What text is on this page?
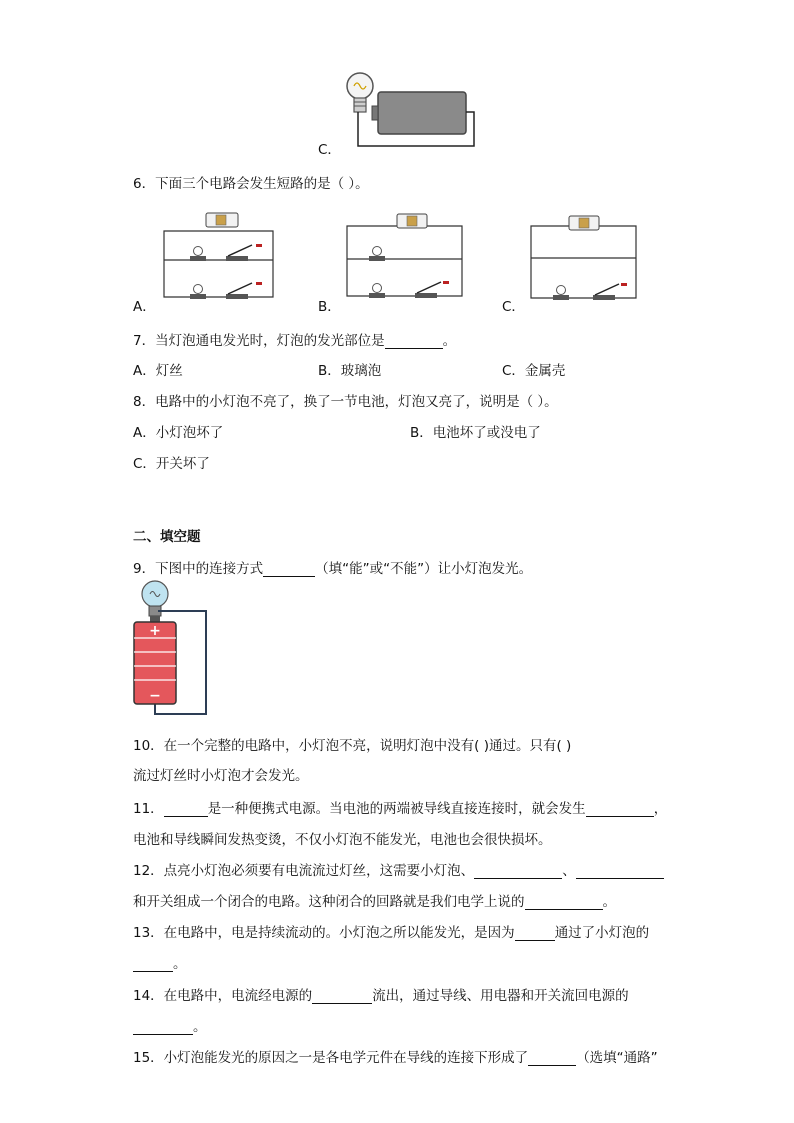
C．
6．下面三个电路会发生短路的是（ ）。
A．	B．	C．
7．当灯泡通电发光时，灯泡的发光部位是	。
A．灯丝	B．玻璃泡	C．金属壳
8．电路中的小灯泡不亮了，换了一节电池，灯泡又亮了，说明是（ ）。
A．小灯泡坏了	B．电池坏了或没电了
C．开关坏了
二、填空题
9．下图中的连接方式	（填“能”或“不能”）让小灯泡发光。
+
−
10．在一个完整的电路中，小灯泡不亮，说明灯泡中没有( )通过。只有( )
流过灯丝时小灯泡才会发光。
11．	是一种便携式电源。当电池的两端被导线直接连接时，就会发生	，
电池和导线瞬间发热变烫，不仅小灯泡不能发光，电池也会很快损坏。
12．点亮小灯泡必须要有电流流过灯丝，这需要小灯泡、	、
和开关组成一个闭合的电路。这种闭合的回路就是我们电学上说的	。
13．在电路中，电是持续流动的。小灯泡之所以能发光，是因为	通过了小灯泡的
。
14．在电路中，电流经电源的	流出，通过导线、用电器和开关流回电源的
。
15．小灯泡能发光的原因之一是各电学元件在导线的连接下形成了	（选填“通路”
